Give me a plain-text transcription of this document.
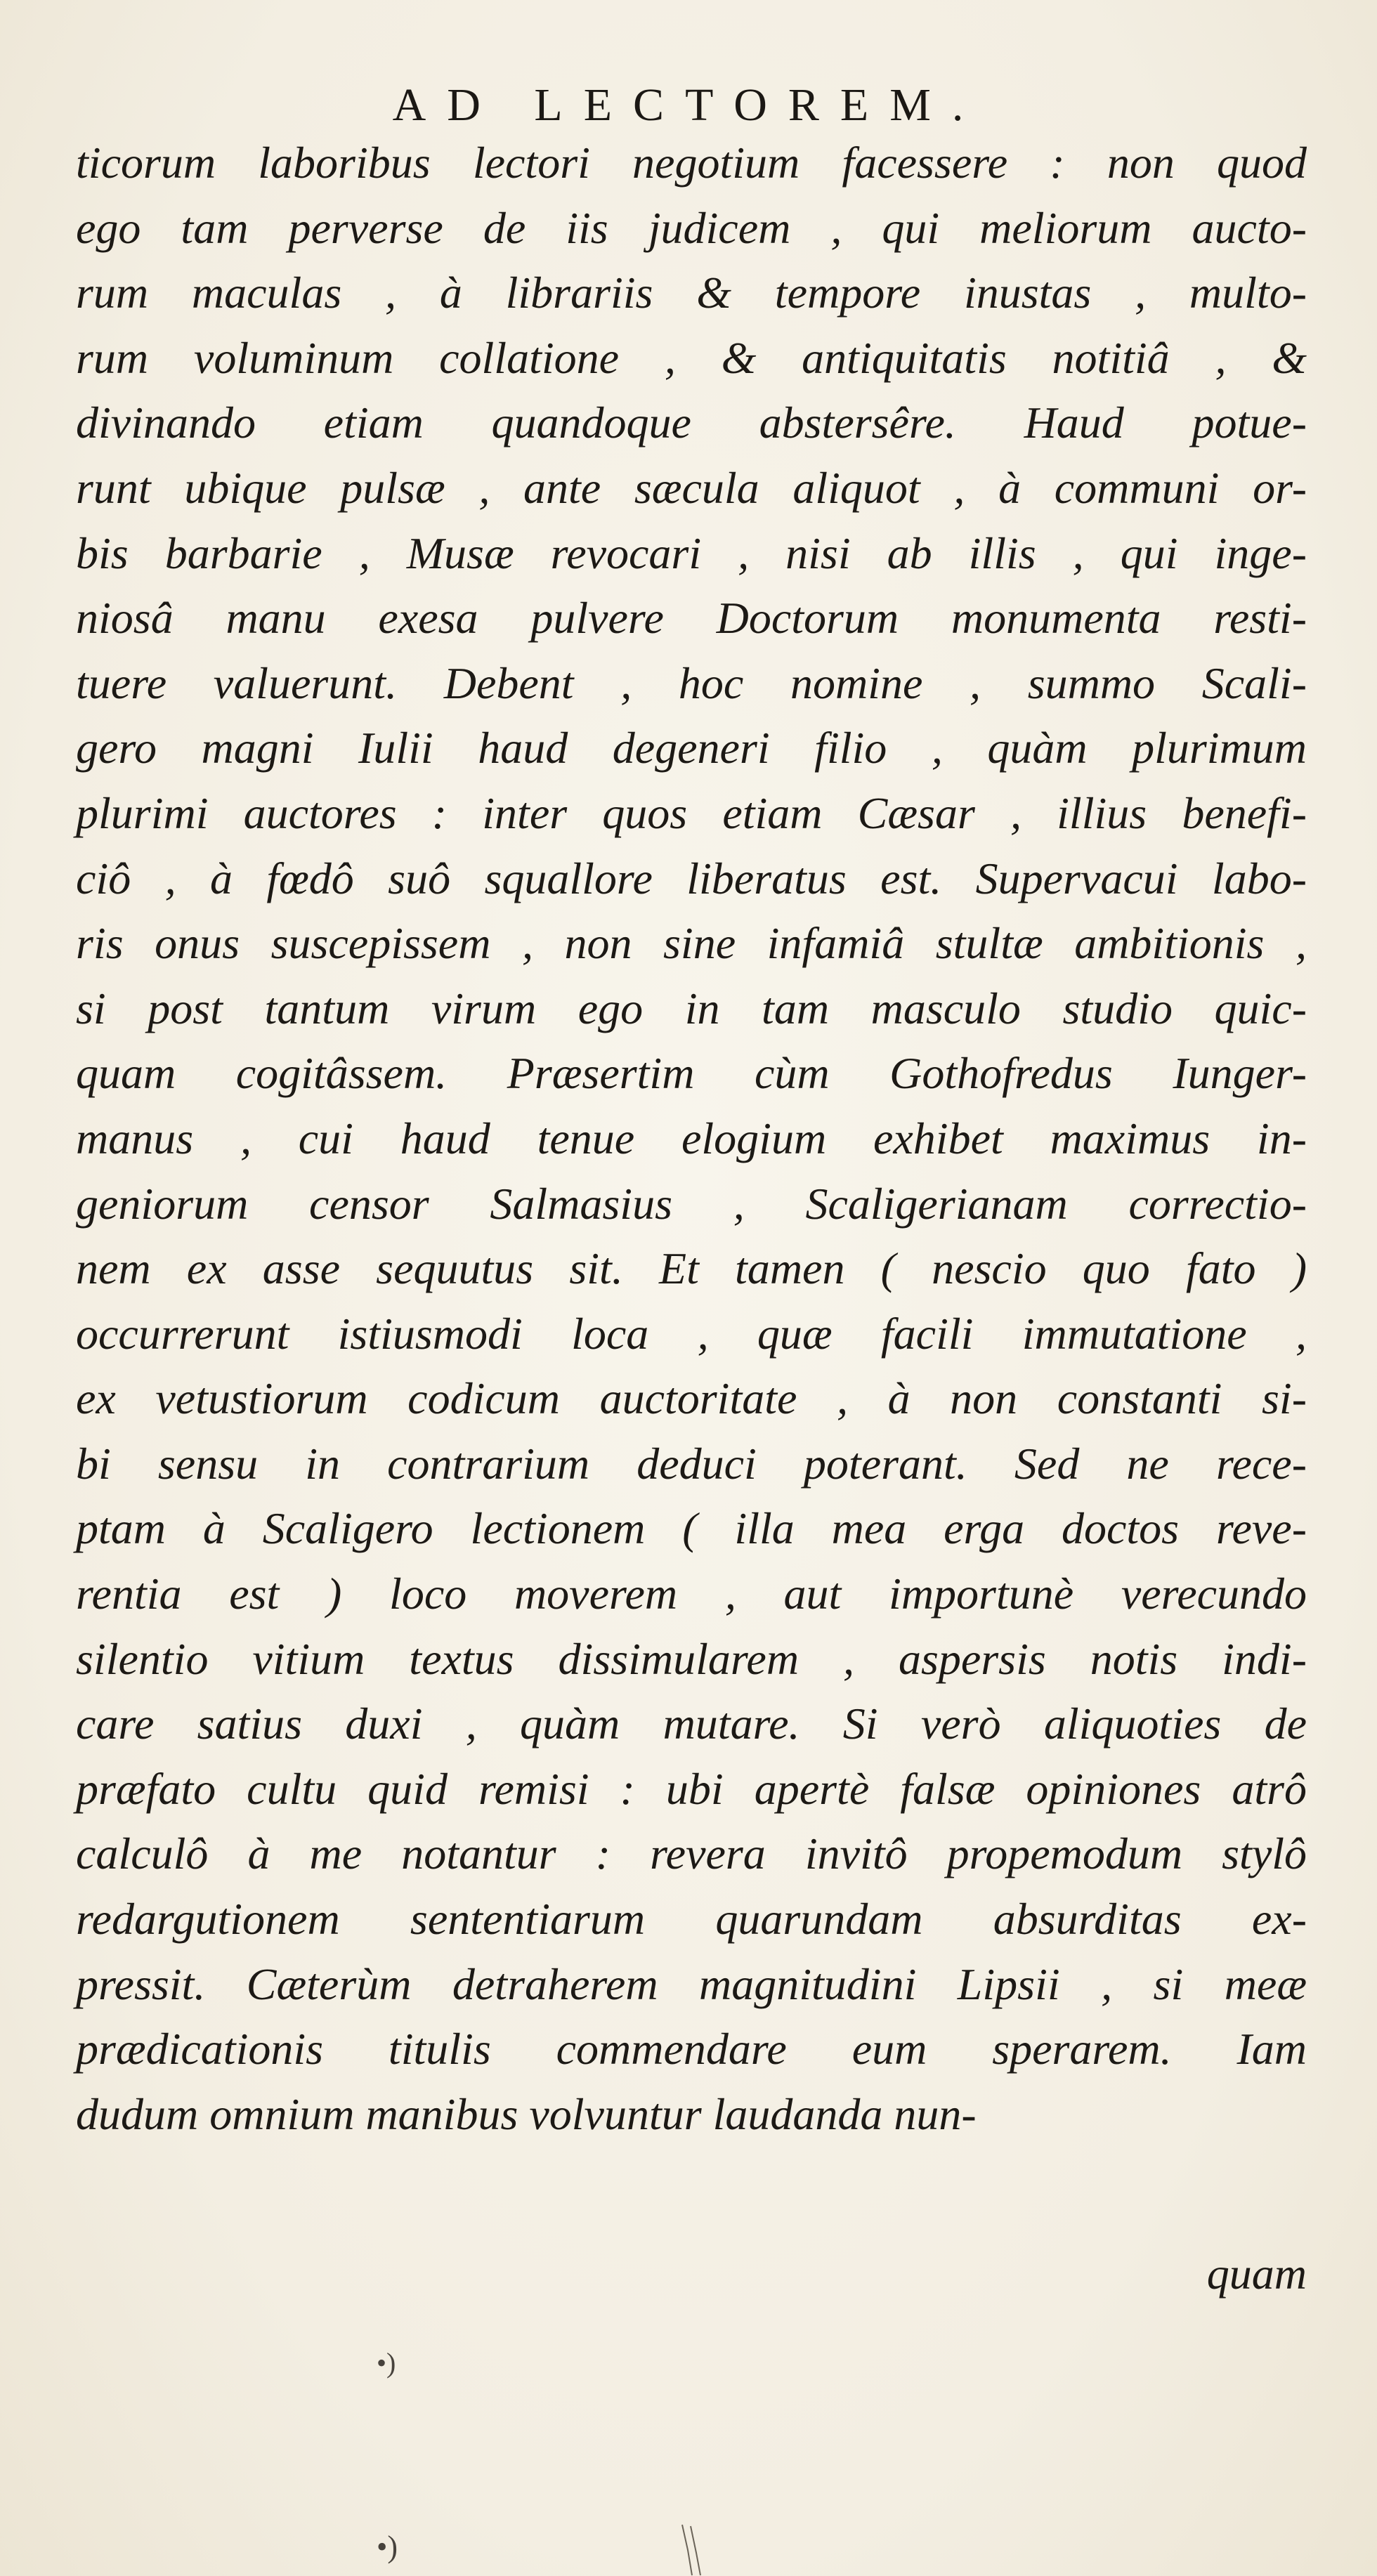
AD LECTOREM.
ticorum laboribus lectori negotium facessere : non quod
ego tam perverse de iis judicem , qui meliorum aucto-
rum maculas , à librariis & tempore inustas , multo-
rum voluminum collatione , & antiquitatis notitiâ , &
divinando etiam quandoque abstersêre. Haud potue-
runt ubique pulsæ , ante sæcula aliquot , à communi or-
bis barbarie , Musæ revocari , nisi ab illis , qui inge-
niosâ manu exesa pulvere Doctorum monumenta resti-
tuere valuerunt. Debent , hoc nomine , summo Scali-
gero magni Iulii haud degeneri filio , quàm plurimum
plurimi auctores : inter quos etiam Cæsar , illius benefi-
ciô , à fœdô suô squallore liberatus est. Supervacui labo-
ris onus suscepissem , non sine infamiâ stultæ ambitionis ,
si post tantum virum ego in tam masculo studio quic-
quam cogitâssem. Præsertim cùm Gothofredus Iunger-
manus , cui haud tenue elogium exhibet maximus in-
geniorum censor Salmasius , Scaligerianam correctio-
nem ex asse sequutus sit. Et tamen ( nescio quo fato )
occurrerunt istiusmodi loca , quæ facili immutatione ,
ex vetustiorum codicum auctoritate , à non constanti si-
bi sensu in contrarium deduci poterant. Sed ne rece-
ptam à Scaligero lectionem ( illa mea erga doctos reve-
rentia est ) loco moverem , aut importunè verecundo
silentio vitium textus dissimularem , aspersis notis indi-
care satius duxi , quàm mutare. Si verò aliquoties de
præfato cultu quid remisi : ubi apertè falsæ opiniones atrô
calculô à me notantur : revera invitô propemodum stylô
redargutionem sententiarum quarundam absurditas ex-
pressit. Cæterùm detraherem magnitudini Lipsii , si meæ
prædicationis titulis commendare eum sperarem. Iam
dudum omnium manibus volvuntur laudanda nun-
quam
•)
•)
